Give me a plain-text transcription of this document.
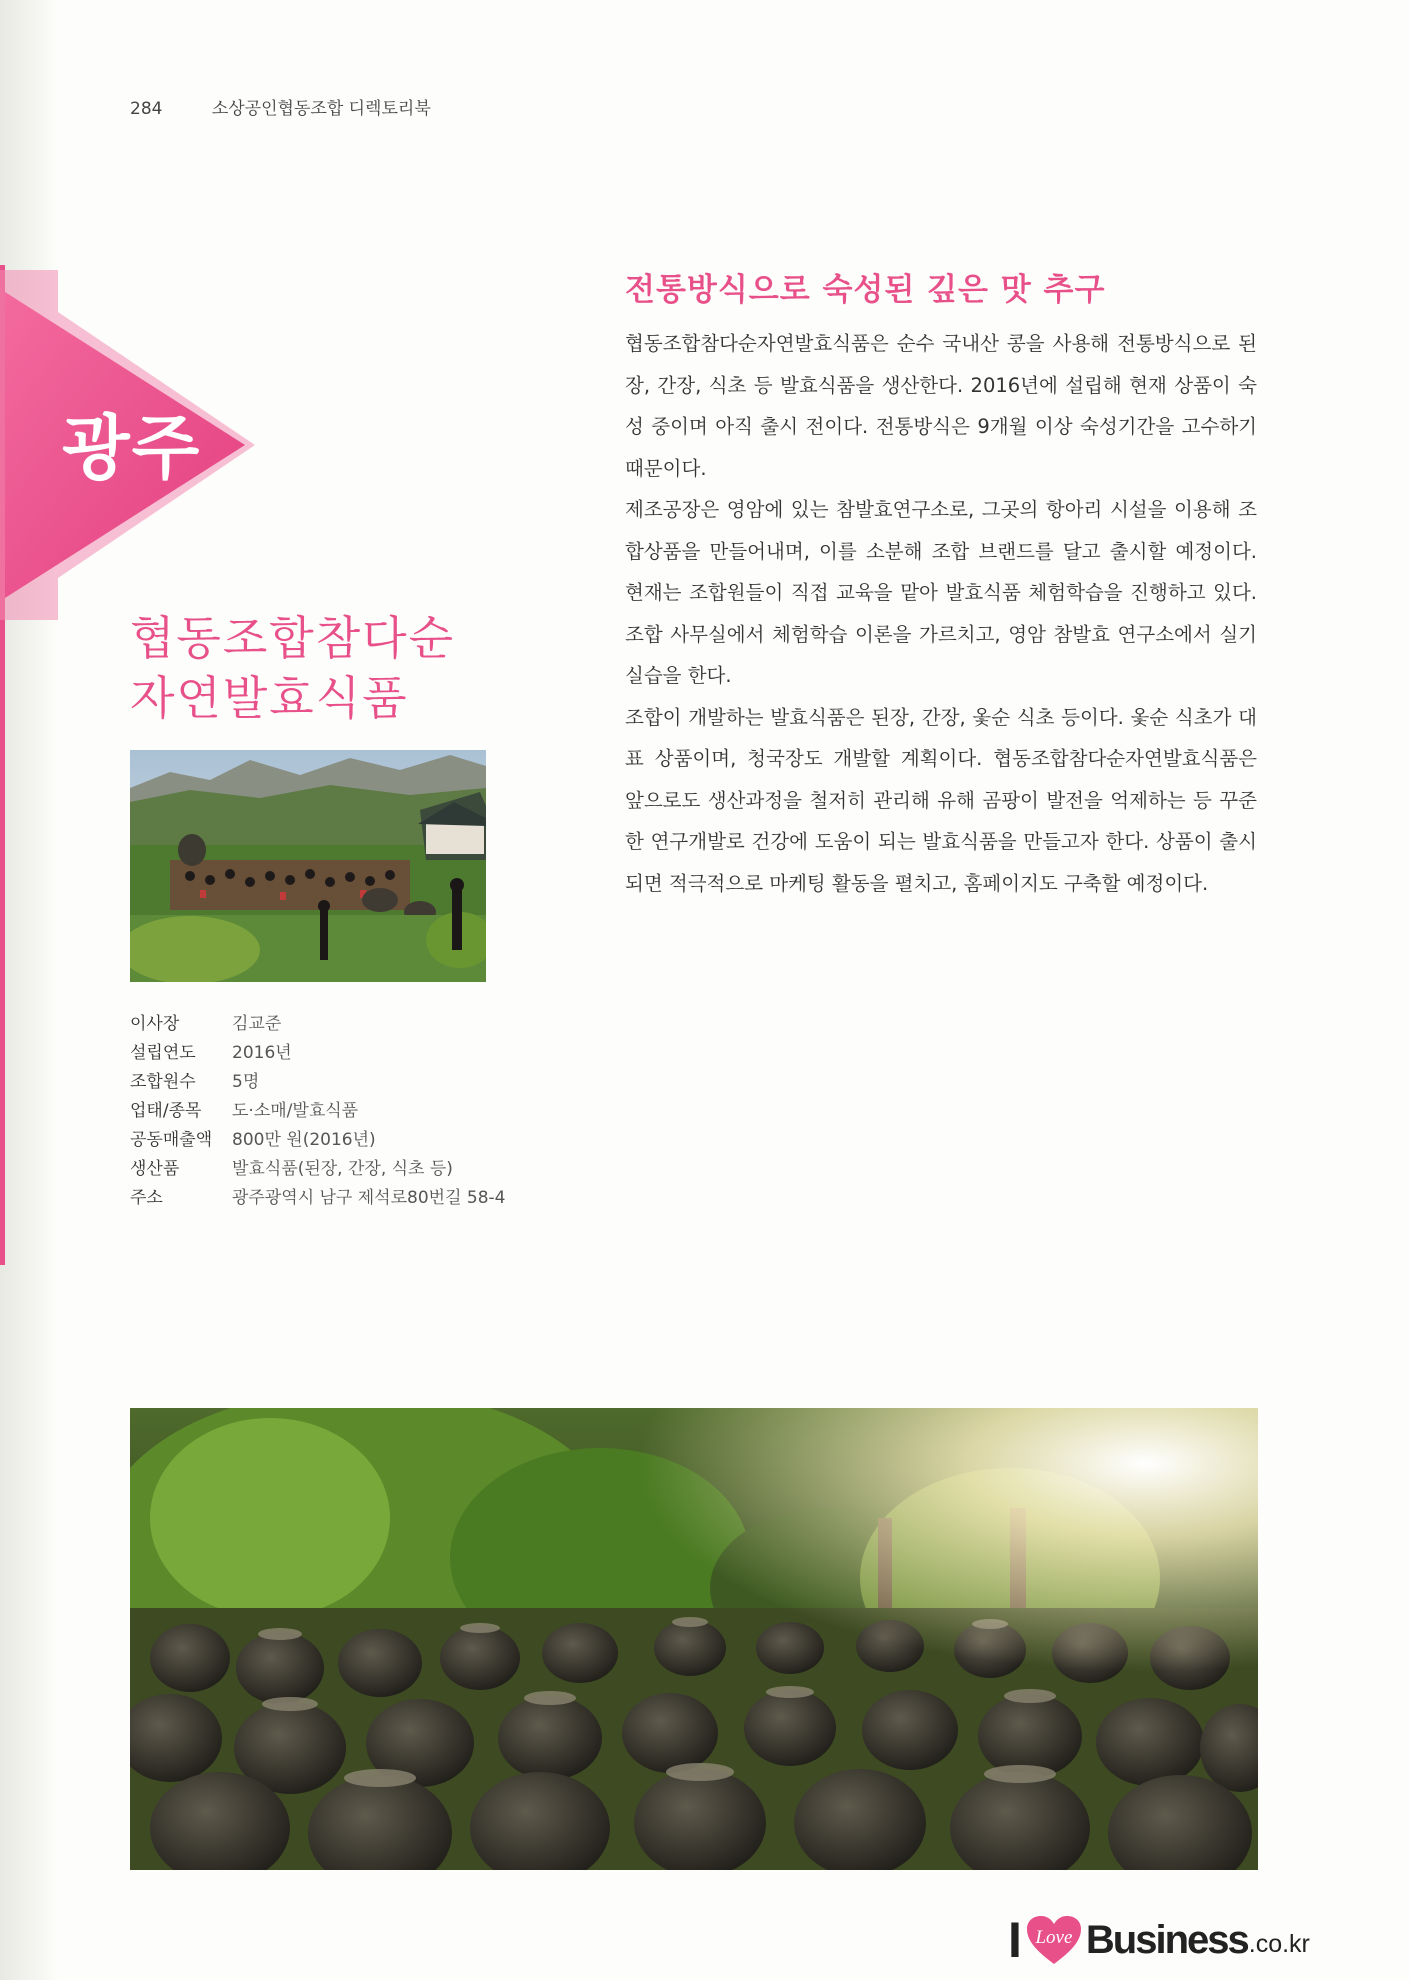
284	소상공인협동조합 디렉토리북
광주
협동조합참다순
자연발효식품
이사장	김교준
설립연도	2016년
조합원수	5명
업태/종목	도·소매/발효식품
공동매출액	800만 원(2016년)
생산품	발효식품(된장, 간장, 식초 등)
주소	광주광역시 남구 제석로80번길 58-4
전통방식으로 숙성된 깊은 맛 추구

협동조합참다순자연발효식품은 순수 국내산 콩을 사용해 전통방식으로 된장, 간장, 식초 등 발효식품을 생산한다. 2016년에 설립해 현재 상품이 숙성 중이며 아직 출시 전이다. 전통방식은 9개월 이상 숙성기간을 고수하기 때문이다.

제조공장은 영암에 있는 참발효연구소로, 그곳의 항아리 시설을 이용해 조합상품을 만들어내며, 이를 소분해 조합 브랜드를 달고 출시할 예정이다. 현재는 조합원들이 직접 교육을 맡아 발효식품 체험학습을 진행하고 있다. 조합 사무실에서 체험학습 이론을 가르치고, 영암 참발효 연구소에서 실기실습을 한다.

조합이 개발하는 발효식품은 된장, 간장, 옻순 식초 등이다. 옻순 식초가 대표 상품이며, 청국장도 개발할 계획이다. 협동조합참다순자연발효식품은 앞으로도 생산과정을 철저히 관리해 유해 곰팡이 발전을 억제하는 등 꾸준한 연구개발로 건강에 도움이 되는 발효식품을 만들고자 한다. 상품이 출시되면 적극적으로 마케팅 활동을 펼치고, 홈페이지도 구축할 예정이다.

I Love Business .co.kr
